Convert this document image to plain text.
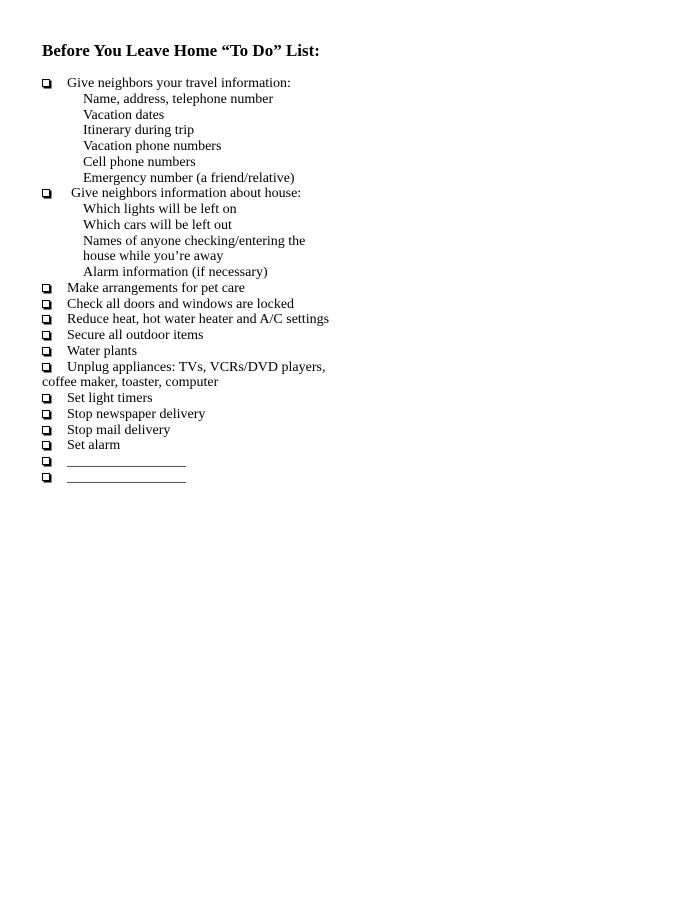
Before You Leave Home “To Do” List:
Give neighbors your travel information:
Name, address, telephone number
Vacation dates
Itinerary during trip
Vacation phone numbers
Cell phone numbers
Emergency number (a friend/relative)
Give neighbors information about house:
Which lights will be left on
Which cars will be left out
Names of anyone checking/entering the
house while you’re away
Alarm information (if necessary)
Make arrangements for pet care
Check all doors and windows are locked
Reduce heat, hot water heater and A/C settings
Secure all outdoor items
Water plants
Unplug appliances: TVs, VCRs/DVD players,
coffee maker, toaster, computer
Set light timers
Stop newspaper delivery
Stop mail delivery
Set alarm
_________________
_________________
